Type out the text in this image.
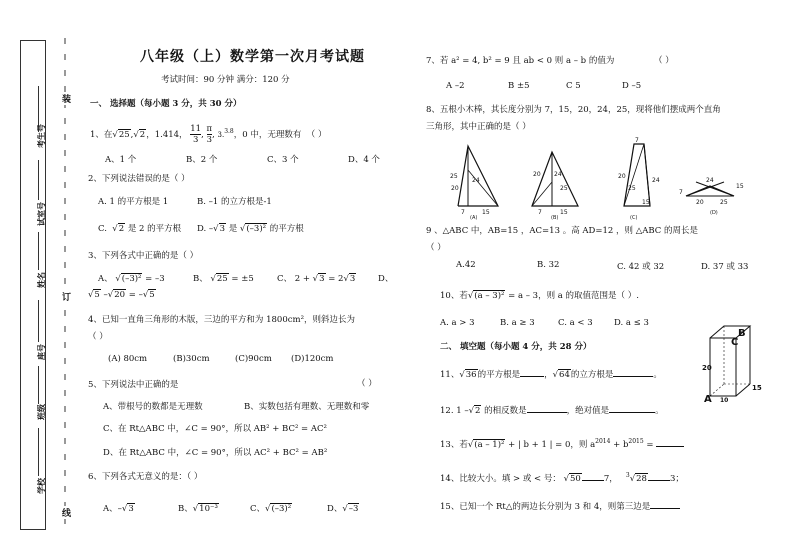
装
订
线
考生号
试室号
姓名
座号
班级
学校
八年级（上）数学第一次月考试题
考试时间：90 分钟 满分：120 分
一、 选择题（每小题 3 分，共 30 分）
1、在√25,√2，1.414， $\frac{11}{3}$ , $\frac{\pi}{3}$ , 3.$^{3.8}$，0 中，无理数有 （ ）
A、1 个	B、2 个	C、3 个	D、4 个
2、下列说法错误的是（ ）
A. 1 的平方根是 1	B. –1 的立方根是-1
C.  √2 是 2 的平方根 D. –√3 是 √(–3)² 的平方根
3、下列各式中正确的是（ ）
A、 √(–3)² = –3	B、 √25 = ±5	C、 2 + √3 = 2√3	D、
√5 –√20 = –√5
4、已知一直角三角形的木版，三边的平方和为 1800cm²，则斜边长为
（ ）
(A) 80cm	(B)30cm	(C)90cm (D)120cm
5、下列说法中正确的是	（ ）
A、带根号的数都是无理数	B、实数包括有理数、无理数和零
C、在 Rt△ABC 中，∠C = 90°，所以 AB² + BC² = AC²
D、在 Rt△ABC 中，∠C = 90°，所以 AC² + BC² = AB²
6、下列各式无意义的是：（ ）
A、–√3	B、√10⁻³	C、√(–3)²	D、√–3
7、若 a² = 4, b² = 9 且 ab < 0 则 a – b 的值为	（ ）
A –2	B ±5	C 5	D –5
8、五根小木棒，其长度分别为 7，15，20，24，25，现将他们摆成两个直角
三角形，其中正确的是（ ）
25
20
24
7	15
(A)
20 24
25
7	15
(B)
7
20
25
24
15
(C)
7
24
20	25
15
(D)
9 、△ABC 中，AB=15 ，AC=13 。高 AD=12 ，则 △ABC 的周长是
（ ）
A.42	B. 32	C. 42 或 32	D. 37 或 33
10、若√(a – 3)² = a – 3，则 a 的取值范围是（ ）.
A. a > 3	B. a ≥ 3	C. a < 3	D. a ≤ 3
二、 填空题（每小题 4 分，共 28 分）
B
C
20
15
A 10
11、√36的平方根是	，√64的立方根是	。
12. 1 –√2 的相反数是	，绝对值是	。
13、若√(a – 1)² + | b + 1 | = 0，则 $a^{2014} + b^{2015}$ =
14、比较大小。填 > 或 < 号： √50	7， $^3$√28	3；
15、已知一个 Rt△的两边长分别为 3 和 4，则第三边是
